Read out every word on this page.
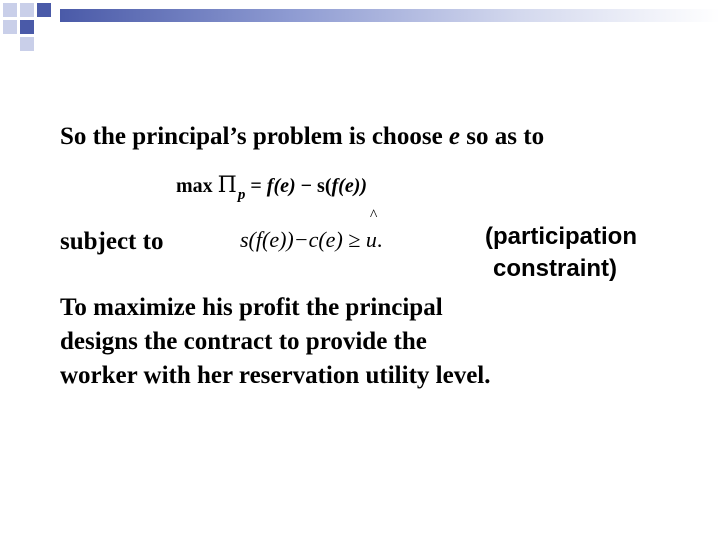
So the principal’s problem is choose e so as to
$\max \Pi_p = f(e) - s(f(e))$
subject to	s(f(e))−c(e) ≥
^
u.	(participation
constraint)
To maximize his profit the principal
designs the contract to provide the
worker with her reservation utility level.
